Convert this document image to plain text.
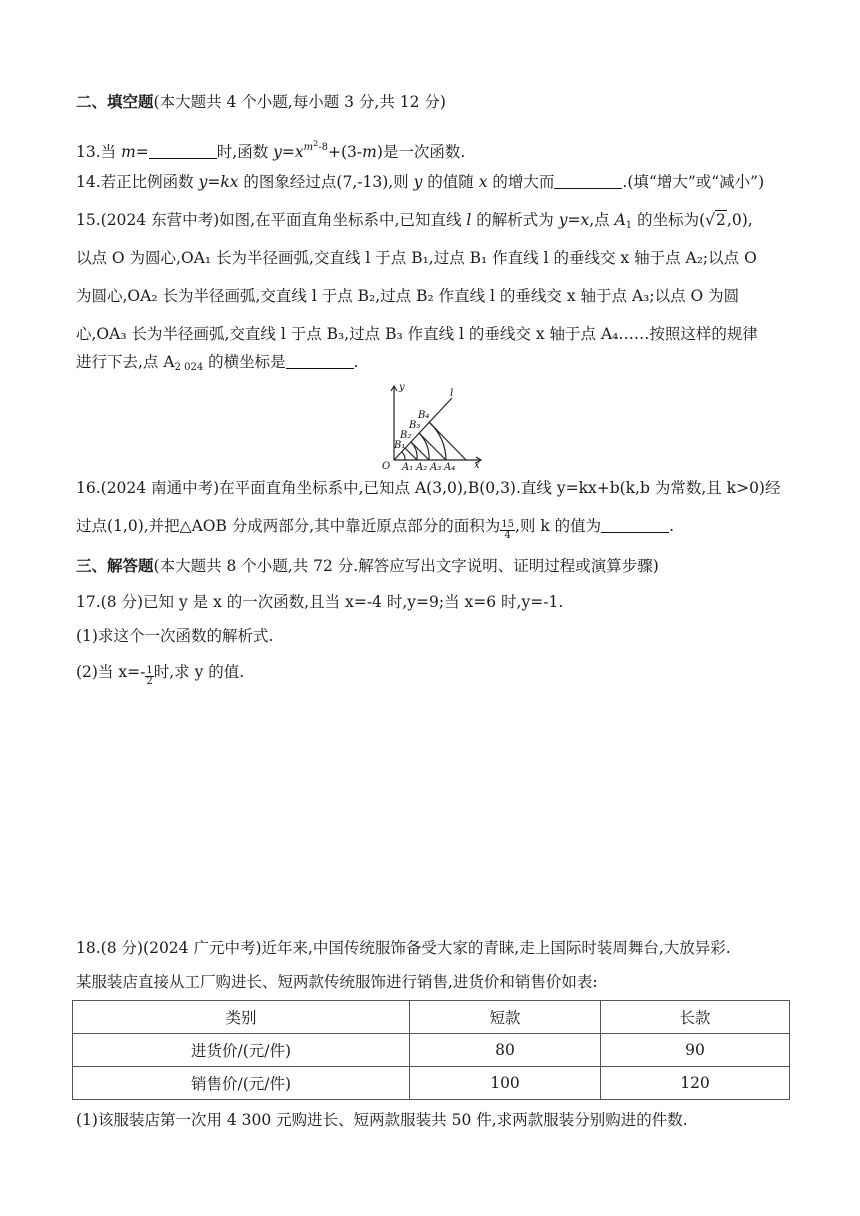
二、填空题(本大题共 4 个小题,每小题 3 分,共 12 分)
13.当 m=	时,函数 $y=x^{m^2-8}+(3-m)$是一次函数.
14.若正比例函数 y=kx 的图象经过点(7,-13),则 y 的值随 x 的增大而	.(填“增大”或“减小”)
15.(2024 东营中考)如图,在平面直角坐标系中,已知直线 l 的解析式为 y=x,点 $A_1$ 的坐标为(√2,0),
以点 O 为圆心,OA₁ 长为半径画弧,交直线 l 于点 B₁,过点 B₁ 作直线 l 的垂线交 x 轴于点 A₂;以点 O
为圆心,OA₂ 长为半径画弧,交直线 l 于点 B₂,过点 B₂ 作直线 l 的垂线交 x 轴于点 A₃;以点 O 为圆
心,OA₃ 长为半径画弧,交直线 l 于点 B₃,过点 B₃ 作直线 l 的垂线交 x 轴于点 A₄……按照这样的规律
进行下去,点 $A_{2 024}$ 的横坐标是	.
y
x
O
l
B₁
B₂
B₃
B₄
A₁ A₂ A₃ A₄
16.(2024 南通中考)在平面直角坐标系中,已知点 A(3,0),B(0,3).直线 y=kx+b(k,b 为常数,且 k>0)经
过点(1,0),并把△AOB 分成两部分,其中靠近原点部分的面积为 $\frac{15}{4}$ ,则 k 的值为	.
三、解答题(本大题共 8 个小题,共 72 分.解答应写出文字说明、证明过程或演算步骤)
17.(8 分)已知 y 是 x 的一次函数,且当 x=-4 时,y=9;当 x=6 时,y=-1.
(1)求这个一次函数的解析式.
(2)当 $x=- \frac{1}{2}$ 时,求 y 的值.
18.(8 分)(2024 广元中考)近年来,中国传统服饰备受大家的青睐,走上国际时装周舞台,大放异彩.
某服装店直接从工厂购进长、短两款传统服饰进行销售,进货价和销售价如表:
类别	短款	长款
进货价/(元/件)	80	90
销售价/(元/件)	100	120
(1)该服装店第一次用 4 300 元购进长、短两款服装共 50 件,求两款服装分别购进的件数.
